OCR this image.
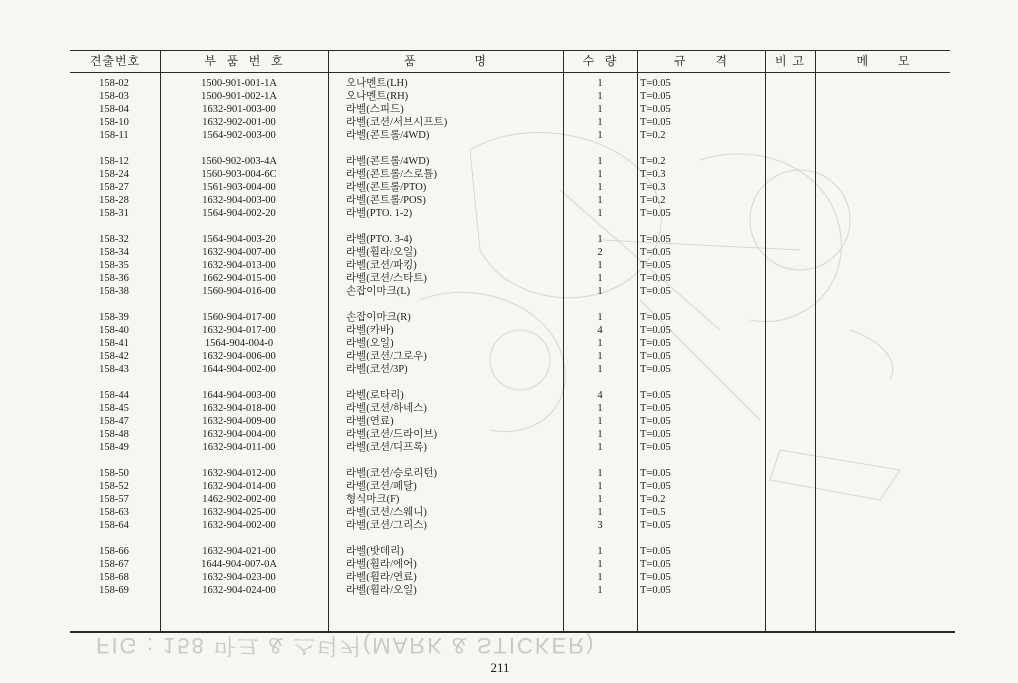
견출번호	부  품  번  호	품            명	수  량	규      격	비 고	메      모
158-02	1500-901-001-1A	오나멘트(LH)	1	T=0.05
158-03	1500-901-002-1A	오나멘트(RH)	1	T=0.05
158-04	1632-901-003-00	라벨(스피드)	1	T=0.05
158-10	1632-902-001-00	라벨(코션/서브시프트)	1	T=0.05
158-11	1564-902-003-00	라벨(콘트롤/4WD)	1	T=0.2
158-12	1560-902-003-4A	라벨(콘트롤/4WD)	1	T=0.2
158-24	1560-903-004-6C	라벨(콘트롤/스로틀)	1	T=0.3
158-27	1561-903-004-00	라벨(콘트롤/PTO)	1	T=0.3
158-28	1632-904-003-00	라벨(콘트롤/POS)	1	T=0.2
158-31	1564-904-002-20	라벨(PTO. 1-2)	1	T=0.05
158-32	1564-904-003-20	라벨(PTO. 3-4)	1	T=0.05
158-34	1632-904-007-00	라벨(휠라/오일)	2	T=0.05
158-35	1632-904-013-00	라벨(코션/파킹)	1	T=0.05
158-36	1662-904-015-00	라벨(코션/스타트)	1	T=0.05
158-38	1560-904-016-00	손잡이마크(L)	1	T=0.05
158-39	1560-904-017-00	손잡이마크(R)	1	T=0.05
158-40	1632-904-017-00	라벨(카바)	4	T=0.05
158-41	1564-904-004-0	라벨(오일)	1	T=0.05
158-42	1632-904-006-00	라벨(코션/그로우)	1	T=0.05
158-43	1644-904-002-00	라벨(코션/3P)	1	T=0.05
158-44	1644-904-003-00	라벨(로타리)	4	T=0.05
158-45	1632-904-018-00	라벨(코션/하네스)	1	T=0.05
158-47	1632-904-009-00	라벨(연료)	1	T=0.05
158-48	1632-904-004-00	라벨(코션/드라이브)	1	T=0.05
158-49	1632-904-011-00	라벨(코션/디프록)	1	T=0.05
158-50	1632-904-012-00	라벨(코션/승로리턴)	1	T=0.05
158-52	1632-904-014-00	라벨(코션/페달)	1	T=0.05
158-57	1462-902-002-00	형식마크(F)	1	T=0.2
158-63	1632-904-025-00	라벨(코션/스웨니)	1	T=0.5
158-64	1632-904-002-00	라벨(코션/그리스)	3	T=0.05
158-66	1632-904-021-00	라벨(밧데리)	1	T=0.05
158-67	1644-904-007-0A	라벨(휠라/에어)	1	T=0.05
158-68	1632-904-023-00	라벨(휠라/연료)	1	T=0.05
158-69	1632-904-024-00	라벨(휠라/오일)	1	T=0.05
FIG : 158 마크 & 스티커(MARK & STICKER)
211
